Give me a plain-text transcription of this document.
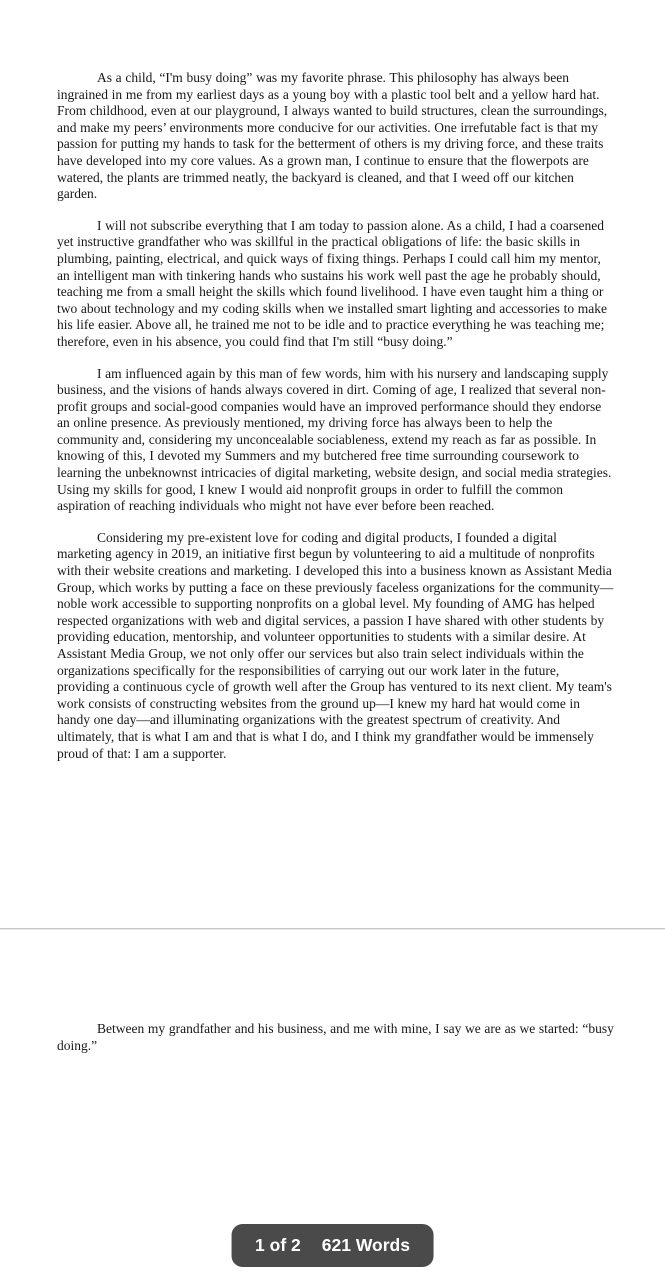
As a child, “I'm busy doing” was my favorite phrase. This philosophy has always been ingrained in me from my earliest days as a young boy with a plastic tool belt and a yellow hard hat. From childhood, even at our playground, I always wanted to build structures, clean the surroundings, and make my peers’ environments more conducive for our activities. One irrefutable fact is that my passion for putting my hands to task for the betterment of others is my driving force, and these traits have developed into my core values. As a grown man, I continue to ensure that the flowerpots are watered, the plants are trimmed neatly, the backyard is cleaned, and that I weed off our kitchen garden.

I will not subscribe everything that I am today to passion alone. As a child, I had a coarsened yet instructive grandfather who was skillful in the practical obligations of life: the basic skills in plumbing, painting, electrical, and quick ways of fixing things. Perhaps I could call him my mentor, an intelligent man with tinkering hands who sustains his work well past the age he probably should, teaching me from a small height the skills which found livelihood. I have even taught him a thing or two about technology and my coding skills when we installed smart lighting and accessories to make his life easier. Above all, he trained me not to be idle and to practice everything he was teaching me; therefore, even in his absence, you could find that I'm still “busy doing.”

I am influenced again by this man of few words, him with his nursery and landscaping supply business, and the visions of hands always covered in dirt. Coming of age, I realized that several non-profit groups and social-good companies would have an improved performance should they endorse an online presence. As previously mentioned, my driving force has always been to help the community and, considering my unconcealable sociableness, extend my reach as far as possible. In knowing of this, I devoted my Summers and my butchered free time surrounding coursework to learning the unbeknownst intricacies of digital marketing, website design, and social media strategies. Using my skills for good, I knew I would aid nonprofit groups in order to fulfill the common aspiration of reaching individuals who might not have ever before been reached.

Considering my pre-existent love for coding and digital products, I founded a digital marketing agency in 2019, an initiative first begun by volunteering to aid a multitude of nonprofits with their website creations and marketing. I developed this into a business known as Assistant Media Group, which works by putting a face on these previously faceless organizations for the community—noble work accessible to supporting nonprofits on a global level. My founding of AMG has helped respected organizations with web and digital services, a passion I have shared with other students by providing education, mentorship, and volunteer opportunities to students with a similar desire. At Assistant Media Group, we not only offer our services but also train select individuals within the organizations specifically for the responsibilities of carrying out our work later in the future, providing a continuous cycle of growth well after the Group has ventured to its next client. My team's work consists of constructing websites from the ground up—I knew my hard hat would come in handy one day—and illuminating organizations with the greatest spectrum of creativity. And ultimately, that is what I am and that is what I do, and I think my grandfather would be immensely proud of that: I am a supporter.

Between my grandfather and his business, and me with mine, I say we are as we started: “busy doing.”

1 of 2 621 Words
